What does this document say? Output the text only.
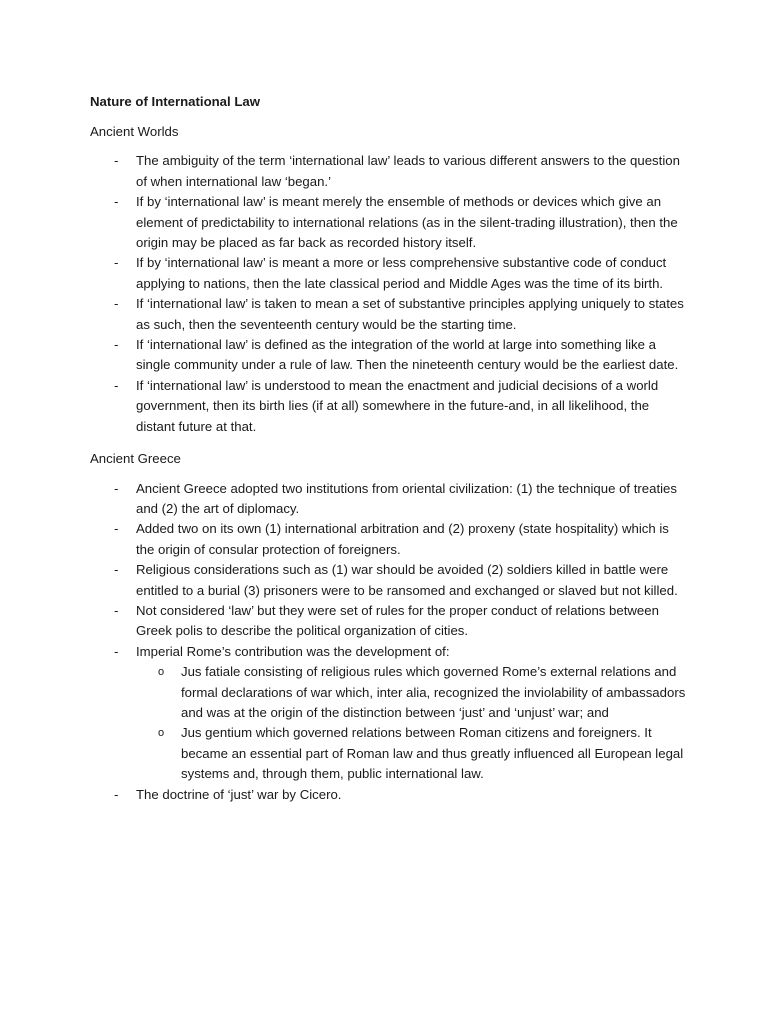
Nature of International Law
Ancient Worlds
- The ambiguity of the term ‘international law’ leads to various different answers to the question of when international law ‘began.’
- If by ‘international law’ is meant merely the ensemble of methods or devices which give an element of predictability to international relations (as in the silent-trading illustration), then the origin may be placed as far back as recorded history itself.
- If by ‘international law’ is meant a more or less comprehensive substantive code of conduct applying to nations, then the late classical period and Middle Ages was the time of its birth.
- If ‘international law’ is taken to mean a set of substantive principles applying uniquely to states as such, then the seventeenth century would be the starting time.
- If ‘international law’ is defined as the integration of the world at large into something like a single community under a rule of law. Then the nineteenth century would be the earliest date.
- If ‘international law’ is understood to mean the enactment and judicial decisions of a world government, then its birth lies (if at all) somewhere in the future-and, in all likelihood, the distant future at that.
Ancient Greece
- Ancient Greece adopted two institutions from oriental civilization: (1) the technique of treaties and (2) the art of diplomacy.
- Added two on its own (1) international arbitration and (2) proxeny (state hospitality) which is the origin of consular protection of foreigners.
- Religious considerations such as (1) war should be avoided (2) soldiers killed in battle were entitled to a burial (3) prisoners were to be ransomed and exchanged or slaved but not killed.
- Not considered ‘law’ but they were set of rules for the proper conduct of relations between Greek polis to describe the political organization of cities.
- Imperial Rome’s contribution was the development of:
o Jus fatiale consisting of religious rules which governed Rome’s external relations and formal declarations of war which, inter alia, recognized the inviolability of ambassadors and was at the origin of the distinction between ‘just’ and ‘unjust’ war; and
o Jus gentium which governed relations between Roman citizens and foreigners. It became an essential part of Roman law and thus greatly influenced all European legal systems and, through them, public international law.
- The doctrine of ‘just’ war by Cicero.
